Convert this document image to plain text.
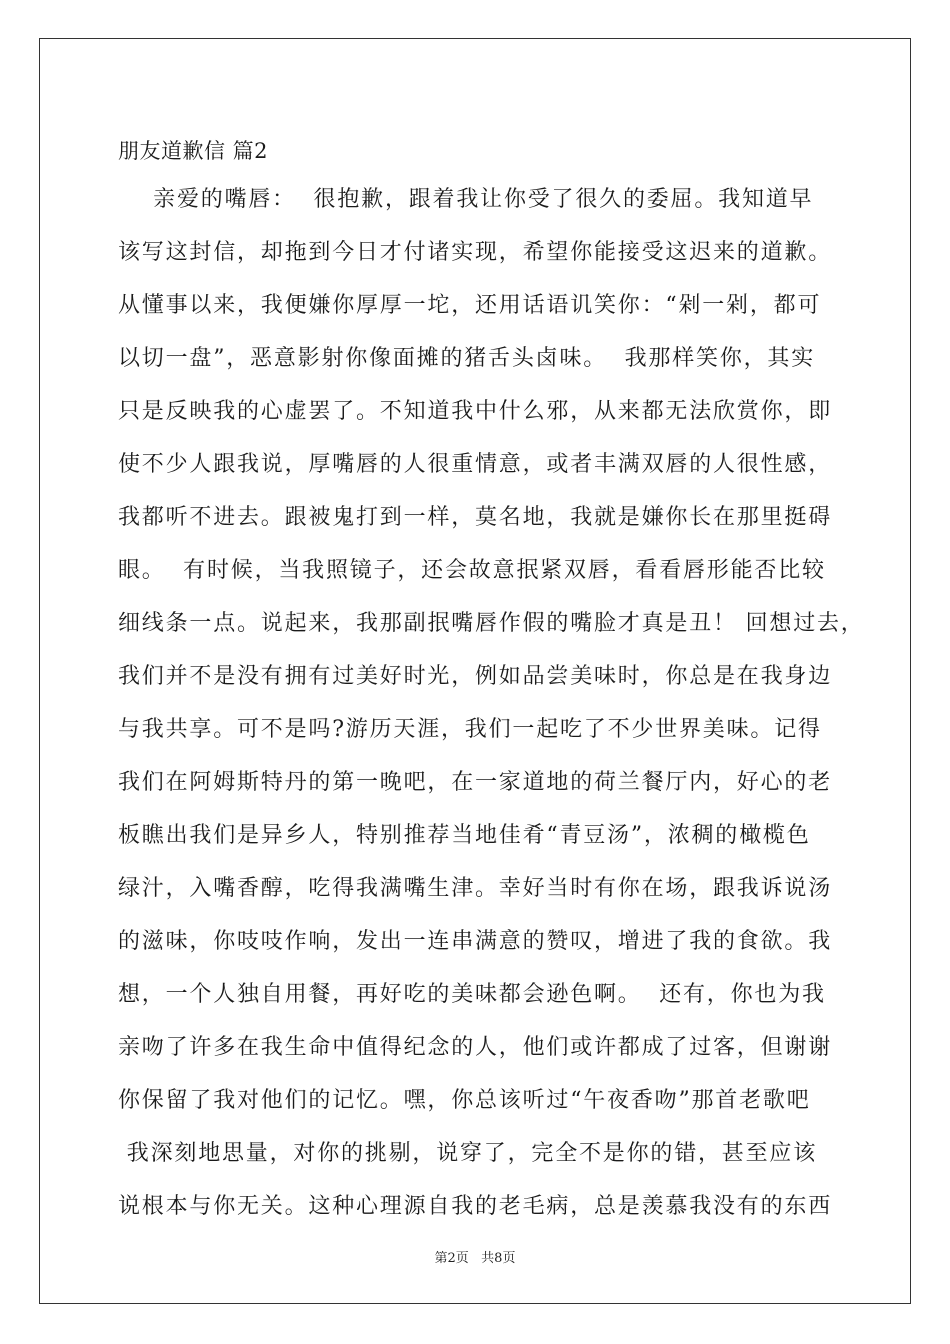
朋友道歉信 篇2
亲爱的嘴唇：  很抱歉，跟着我让你受了很久的委屈。我知道早
该写这封信，却拖到今日才付诸实现，希望你能接受这迟来的道歉。
从懂事以来，我便嫌你厚厚一坨，还用话语讥笑你：“剁一剁，都可
以切一盘”，恶意影射你像面摊的猪舌头卤味。  我那样笑你，其实
只是反映我的心虚罢了。不知道我中什么邪，从来都无法欣赏你，即
使不少人跟我说，厚嘴唇的人很重情意，或者丰满双唇的人很性感，
我都听不进去。跟被鬼打到一样，莫名地，我就是嫌你长在那里挺碍
眼。  有时候，当我照镜子，还会故意抿紧双唇，看看唇形能否比较
细线条一点。说起来，我那副抿嘴唇作假的嘴脸才真是丑！ 回想过去，
我们并不是没有拥有过美好时光，例如品尝美味时，你总是在我身边
与我共享。可不是吗?游历天涯，我们一起吃了不少世界美味。记得
我们在阿姆斯特丹的第一晚吧，在一家道地的荷兰餐厅内，好心的老
板瞧出我们是异乡人，特别推荐当地佳肴“青豆汤”，浓稠的橄榄色
绿汁，入嘴香醇，吃得我满嘴生津。幸好当时有你在场，跟我诉说汤
的滋味，你吱吱作响，发出一连串满意的赞叹，增进了我的食欲。我
想，一个人独自用餐，再好吃的美味都会逊色啊。  还有，你也为我
亲吻了许多在我生命中值得纪念的人，他们或许都成了过客，但谢谢
你保留了我对他们的记忆。嘿，你总该听过“午夜香吻”那首老歌吧
我深刻地思量，对你的挑剔，说穿了，完全不是你的错，甚至应该
说根本与你无关。这种心理源自我的老毛病，总是羡慕我没有的东西
第2页   共8页
